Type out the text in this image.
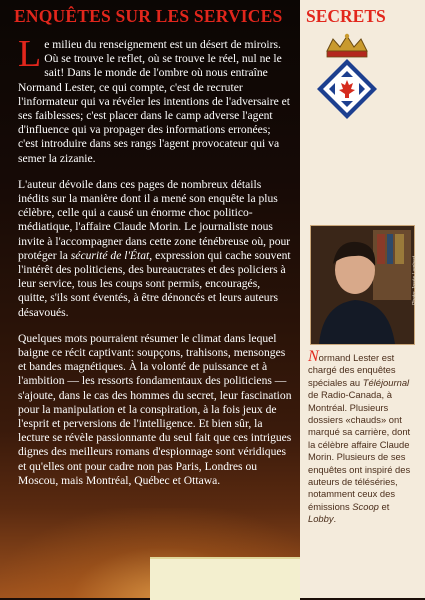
ENQUÊTES SUR LES SERVICES SECRETS

Le milieu du renseignement est un désert de miroirs. Où se trouve le reflet, où se trouve le réel, nul ne le sait! Dans le monde de l'ombre où nous entraîne Normand Lester, ce qui compte, c'est de recruter l'informateur qui va révéler les intentions de l'adversaire et ses faiblesses; c'est placer dans le camp adverse l'agent d'influence qui va propager des informations erronées; c'est introduire dans ses rangs l'agent provocateur qui va semer la zizanie.

L'auteur dévoile dans ces pages de nombreux détails inédits sur la manière dont il a mené son enquête la plus célèbre, celle qui a causé un énorme choc politico-médiatique, l'affaire Claude Morin. Le journaliste nous invite à l'accompagner dans cette zone ténébreuse où, pour protéger la sécurité de l'État, expression qui cache souvent l'intérêt des politiciens, des bureaucrates et des policiers à leur service, tous les coups sont permis, encouragés, quitte, s'ils sont éventés, à être dénoncés et leurs auteurs désavoués.

Quelques mots pourraient résumer le climat dans lequel baigne ce récit captivant: soupçons, trahisons, mensonges et bandes magnétiques. À la volonté de puissance et à l'ambition — les ressorts fondamentaux des politiciens — s'ajoute, dans le cas des hommes du secret, leur fascination pour la manipulation et la conspiration, à la fois jeux de l'esprit et perversions de l'intelligence. Et bien sûr, la lecture se révèle passionnante du seul fait que ces intrigues dignes des meilleurs romans d'espionnage sont véridiques et qu'elles ont pour cadre non pas Paris, Londres ou Moscou, mais Montréal, Québec et Ottawa.

Photo: Josée Lambert

Normand Lester est chargé des enquêtes spéciales au Téléjournal de Radio-Canada, à Montréal. Plusieurs dossiers «chauds» ont marqué sa carrière, dont la célèbre affaire Claude Morin. Plusieurs de ses enquêtes ont inspiré des auteurs de téléséries, notamment ceux des émissions Scoop et Lobby.
